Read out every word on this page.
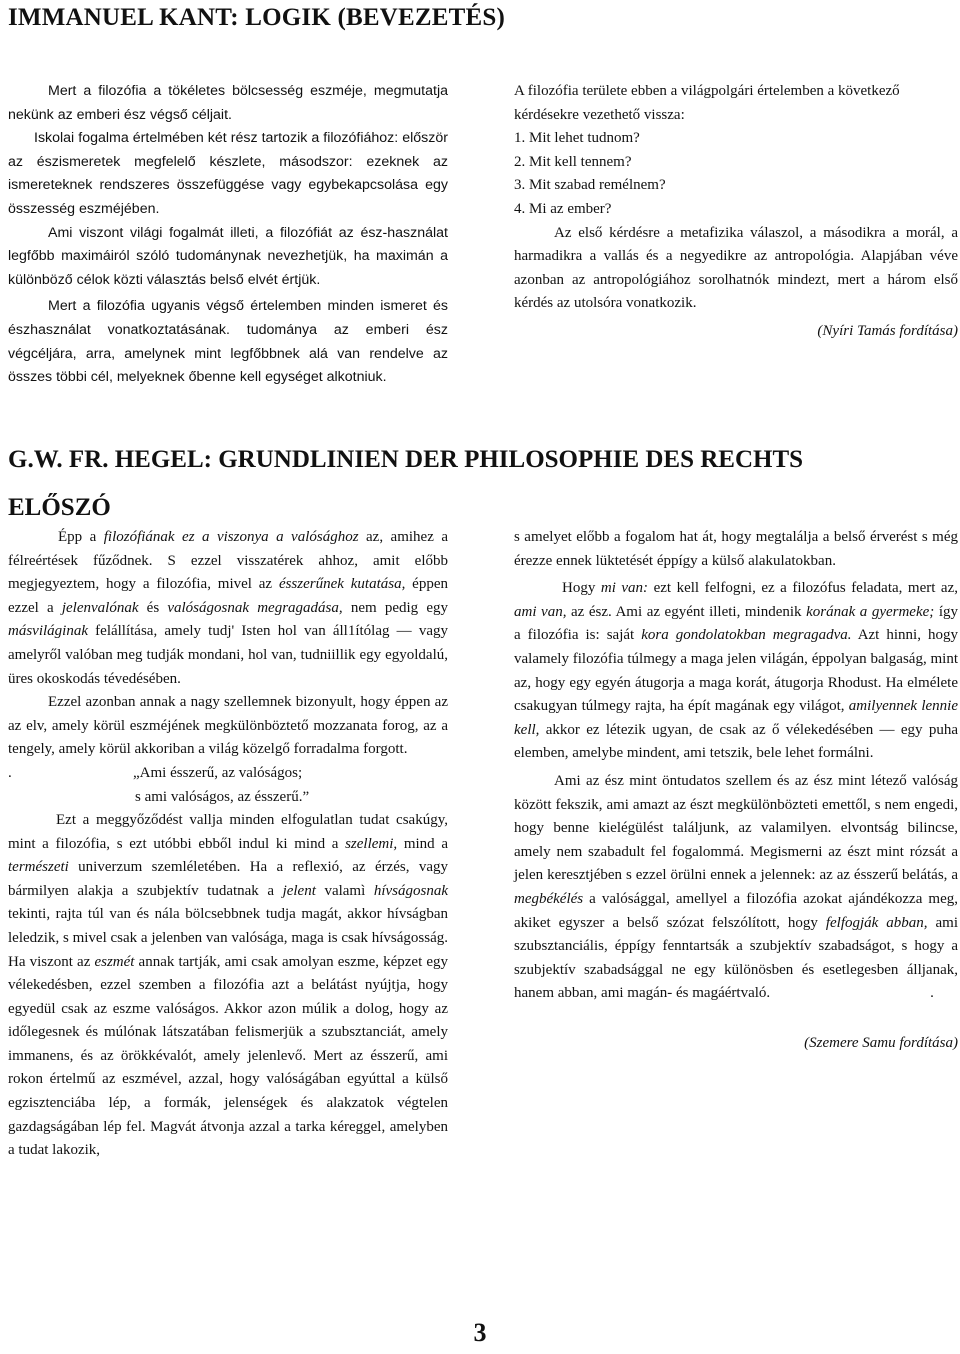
IMMANUEL KANT: LOGIK (BEVEZETÉS)

Mert a filozófia a tökéletes bölcsesség eszméje, megmutatja nekünk az emberi ész végső céljait.

Iskolai fogalma értelmében két rész tartozik a filozófiához: először az észismeretek megfelelő készlete, másodszor: ezeknek az ismereteknek rendszeres összefüggése vagy egybekapcsolása egy összesség eszméjében.

Ami viszont világi fogalmát illeti, a filozófiát az ész-használat legfőbb maximáiról szóló tudománynak nevezhetjük, ha maximán a különböző célok közti választás belső elvét értjük.

Mert a filozófia ugyanis végső értelemben minden ismeret és észhasználat vonatkoztatásának. tudománya az emberi ész végcéljára, arra, amelynek mint legfőbbnek alá van rendelve az összes többi cél, melyeknek őbenne kell egységet alkotniuk.

A filozófia területe ebben a világpolgári értelemben a következő kérdésekre vezethető vissza:

1. Mit lehet tudnom?
2. Mit kell tennem?
3. Mit szabad remélnem?
4. Mi az ember?

Az első kérdésre a metafizika válaszol, a másodikra a morál, a harmadikra a vallás és a negyedikre az antropológia. Alapjában véve azonban az antropológiához sorolhatnók mindezt, mert a három első kérdés az utolsóra vonatkozik.

(Nyíri Tamás fordítása)

G.W. FR. HEGEL: GRUNDLINIEN DER PHILOSOPHIE DES RECHTS
ELŐSZÓ

Épp a filozófiának ez a viszonya a valósághoz az, amihez a félreértések fűződnek. S ezzel visszatérek ahhoz, amit előbb megjegyeztem, hogy a filozófia, mivel az ésszerűnek kutatása, éppen ezzel a jelenvalónak és valóságosnak megragadása, nem pedig egy másviláginak felállítása, amely tudj' Isten hol van áll1ítólag — vagy amelyről valóban meg tudják mondani, hol van, tudniillik egy egyoldalú, üres okoskodás tévedésében.

Ezzel azonban annak a nagy szellemnek bizonyult, hogy éppen az az elv, amely körül eszméjének megkülönböztető mozzanata forog, az a tengely, amely körül akkoriban a világ közelgő forradalma forgott.

.	„Ami ésszerű, az valóságos;
s ami valóságos, az ésszerű.”

Ezt a meggyőződést vallja minden elfogulatlan tudat csakúgy, mint a filozófia, s ezt utóbbi ebből indul ki mind a szellemi, mind a természeti univerzum szemléletében. Ha a reflexió, az érzés, vagy bármilyen alakja a szubjektív tudatnak a jelent valamì hívságosnak tekinti, rajta túl van és nála bölcsebbnek tudja magát, akkor hívságban leledzik, s mivel csak a jelenben van valósága, maga is csak hívságosság. Ha viszont az eszmét annak tartják, ami csak amolyan eszme, képzet egy vélekedésben, ezzel szemben a filozófia azt a belátást nyújtja, hogy egyedül csak az eszme valóságos. Akkor azon múlik a dolog, hogy az időlegesnek és múlónak látszatában felismerjük a szubsztanciát, amely immanens, és az örökkévalót, amely jelenlevő. Mert az ésszerű, ami rokon értelmű az eszmével, azzal, hogy valóságában egyúttal a külső egzisztenciába lép, a formák, jelenségek és alakzatok végtelen gazdagságában lép fel. Magvát átvonja azzal a tarka kéreggel, amelyben a tudat lakozik,

s amelyet előbb a fogalom hat át, hogy megtalálja a belső érverést s még érezze ennek lüktetését éppígy a külső alakulatokban.

Hogy mi van: ezt kell felfogni, ez a filozófus feladata, mert az, ami van, az ész. Ami az egyént illeti, mindenik korának a gyermeke; így a filozófia is: saját kora gondolatokban megragadva. Azt hinni, hogy valamely filozófia túlmegy a maga jelen világán, éppolyan balgaság, mint az, hogy egy egyén átugorja a maga korát, átugorja Rhodust. Ha elmélete csakugyan túlmegy rajta, ha épít magának egy világot, amilyennek lennie kell, akkor ez létezik ugyan, de csak az ő vélekedésében — egy puha elemben, amelybe mindent, ami tetszik, bele lehet formálni.

Ami az ész mint öntudatos szellem és az ész mint létező valóság között fekszik, ami amazt az észt megkülönbözteti emettől, s nem engedi, hogy benne kielégülést találjunk, az valamilyen. elvontság bilincse, amely nem szabadult fel fogalommá. Megismerni az észt mint rózsát a jelen keresztjében s ezzel örülni ennek a jelennek: az az ésszerű belátás, a megbékélés a valósággal, amellyel a filozófia azokat ajándékozza meg, akiket egyszer a belső szózat felszólított, hogy felfogják abban, ami szubsztanciális, éppígy fenntartsák a szubjektív szabadságot, s hogy a szubjektív szabadsággal ne egy különösben és esetlegesben álljanak, hanem abban, ami magán- és magáértvaló.	.

(Szemere Samu fordítása)

3
